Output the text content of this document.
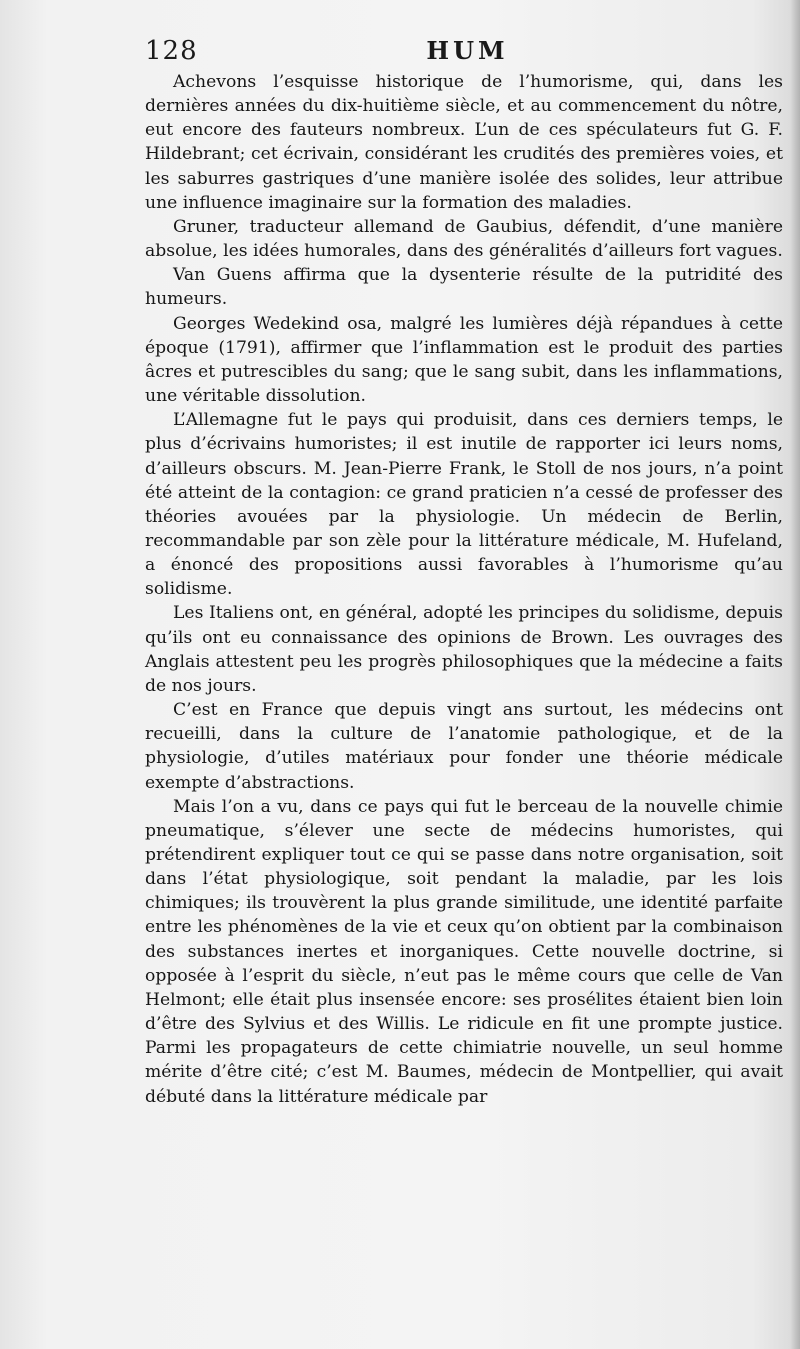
128	HUM

Achevons l’esquisse historique de l’humorisme, qui, dans les dernières années du dix-huitième siècle, et au commencement du nôtre, eut encore des fauteurs nombreux. L’un de ces spéculateurs fut G. F. Hildebrant; cet écrivain, considérant les crudités des premières voies, et les saburres gastriques d’une manière isolée des solides, leur attribue une influence imaginaire sur la formation des maladies.

Gruner, traducteur allemand de Gaubius, défendit, d’une manière absolue, les idées humorales, dans des généralités d’ailleurs fort vagues.

Van Guens affirma que la dysenterie résulte de la putridité des humeurs.

Georges Wedekind osa, malgré les lumières déjà répandues à cette époque (1791), affirmer que l’inflammation est le produit des parties âcres et putrescibles du sang; que le sang subit, dans les inflammations, une véritable dissolution.

L’Allemagne fut le pays qui produisit, dans ces derniers temps, le plus d’écrivains humoristes; il est inutile de rapporter ici leurs noms, d’ailleurs obscurs. M. Jean-Pierre Frank, le Stoll de nos jours, n’a point été atteint de la contagion: ce grand praticien n’a cessé de professer des théories avouées par la physiologie. Un médecin de Berlin, recommandable par son zèle pour la littérature médicale, M. Hufeland, a énoncé des propositions aussi favorables à l’humorisme qu’au solidisme.

Les Italiens ont, en général, adopté les principes du solidisme, depuis qu’ils ont eu connaissance des opinions de Brown. Les ouvrages des Anglais attestent peu les progrès philosophiques que la médecine a faits de nos jours.

C’est en France que depuis vingt ans surtout, les médecins ont recueilli, dans la culture de l’anatomie pathologique, et de la physiologie, d’utiles matériaux pour fonder une théorie médicale exempte d’abstractions.

Mais l’on a vu, dans ce pays qui fut le berceau de la nouvelle chimie pneumatique, s’élever une secte de médecins humoristes, qui prétendirent expliquer tout ce qui se passe dans notre organisation, soit dans l’état physiologique, soit pendant la maladie, par les lois chimiques; ils trouvèrent la plus grande similitude, une identité parfaite entre les phénomènes de la vie et ceux qu’on obtient par la combinaison des substances inertes et inorganiques. Cette nouvelle doctrine, si opposée à l’esprit du siècle, n’eut pas le même cours que celle de Van Helmont; elle était plus insensée encore: ses prosélites étaient bien loin d’être des Sylvius et des Willis. Le ridicule en fit une prompte justice. Parmi les propagateurs de cette chimiatrie nouvelle, un seul homme mérite d’être cité; c’est M. Baumes, médecin de Montpellier, qui avait débuté dans la littérature médicale par
